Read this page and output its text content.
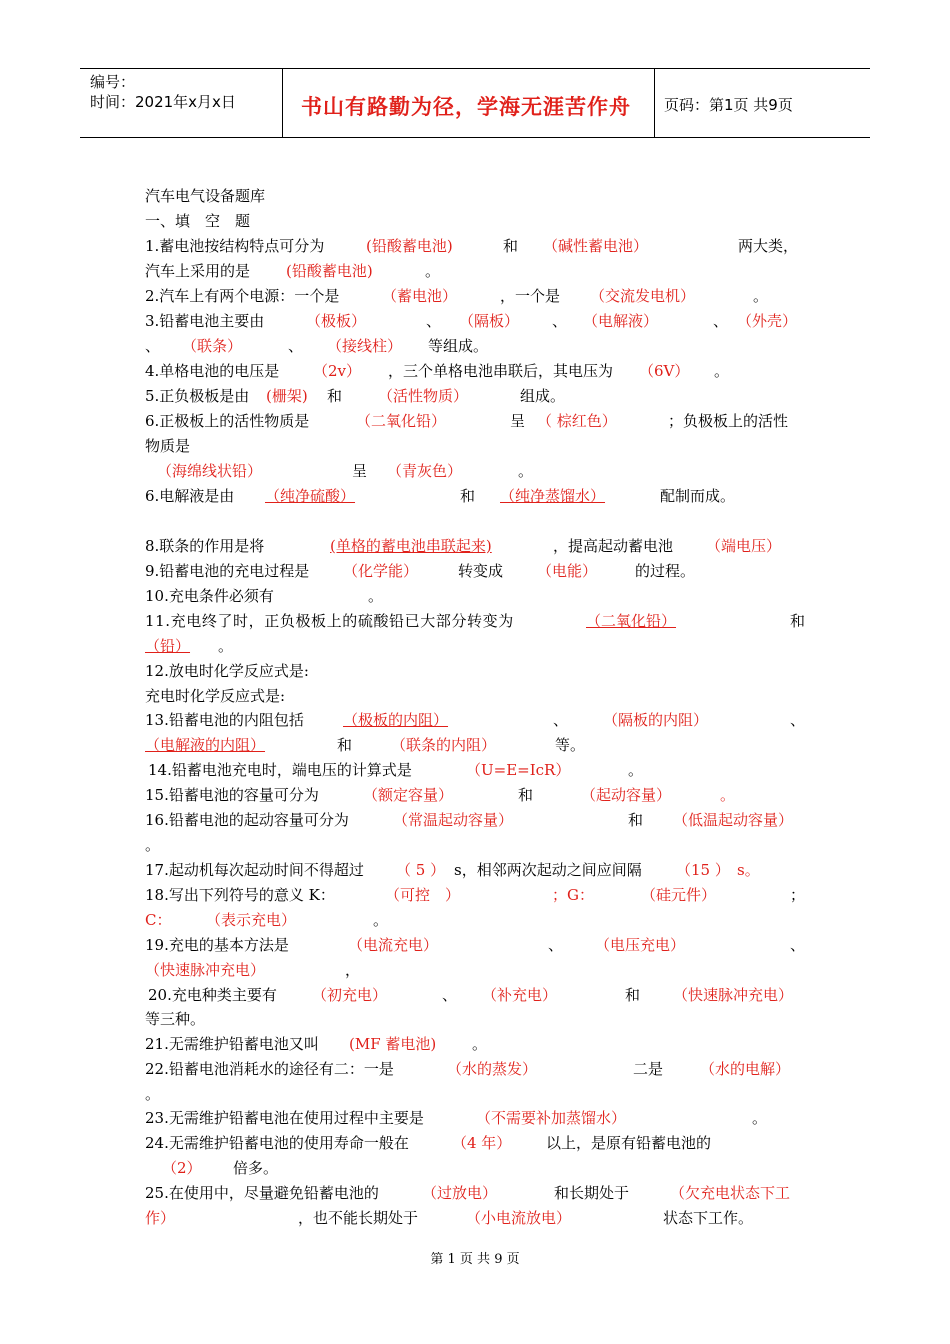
编号：
时间：2021年x月x日	书山有路勤为径，学海无涯苦作舟 页码：第1页 共9页
汽车电气设备题库
一、填　空　题
1.蓄电池按结构特点可分为	(铅酸蓄电池)	和 （碱性蓄电池）	两大类，
汽车上采用的是 (铅酸蓄电池)	。
2.汽车上有两个电源：一个是	（蓄电池）	，一个是 （交流发电机）	。
3.铅蓄电池主要由	（极板）	、 （隔板） 、 （电解液）	、 （外壳）
、 （联条）	、 （接线柱） 等组成。
4.单格电池的电压是 （2v） ，三个单格电池串联后，其电压为 （6V） 。
5.正负极板是由 (栅架) 和 （活性物质）	组成。
6.正极板上的活性物质是	（二氧化铅）	呈 （ 棕红色）	；负极板上的活性
物质是
（海绵线状铅）	呈 （青灰色）	。
6.电解液是由 （纯净硫酸）	和 （纯净蒸馏水）	配制而成。
8.联条的作用是将	(单格的蓄电池串联起来)	，提高起动蓄电池 （端电压）
9.铅蓄电池的充电过程是 （化学能）	转变成 （电能）	的过程。
10.充电条件必须有	。
11.充电终了时，正负极板上的硫酸铅已大部分转变为	（二氧化铅）	和
（铅）	。
12.放电时化学反应式是:
充电时化学反应式是:
13.铅蓄电池的内阻包括	（极板的内阻）	、 （隔板的内阻）	、
（电解液的内阻）	和	（联条的内阻）	等。
14.铅蓄电池充电时，端电压的计算式是	（U=E=IcR）	。
15.铅蓄电池的容量可分为	（额定容量）	和	（起动容量）	。
16.铅蓄电池的起动容量可分为	（常温起动容量）	和 （低温起动容量）
。
17.起动机每次起动时间不得超过 （ 5 ） s，相邻两次起动之间应间隔 （15 ） s。
18.写出下列符号的意义 K：	（可控　）	；G：	（硅元件）	；
C： （表示充电）	。
19.充电的基本方法是	（电流充电）	、 （电压充电）	、
（快速脉冲充电）	，
20.充电种类主要有 （初充电）	、 （补充电）	和 （快速脉冲充电）
等三种。
21.无需维护铅蓄电池又叫 (MF 蓄电池) 。
22.铅蓄电池消耗水的途径有二：一是	（水的蒸发）	二是 （水的电解）
。
23.无需维护铅蓄电池在使用过程中主要是	（不需要补加蒸馏水）	。
24.无需维护铅蓄电池的使用寿命一般在	（4 年） 以上，是原有铅蓄电池的
（2） 倍多。
25.在使用中，尽量避免铅蓄电池的	（过放电）	和长期处于	（欠充电状态下工
作）	，也不能长期处于	（小电流放电）	状态下工作。
第 1 页 共 9 页
